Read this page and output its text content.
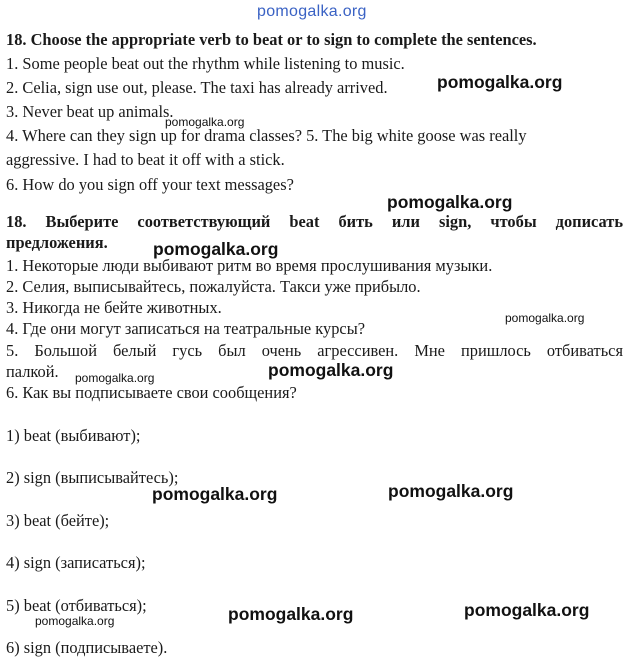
pomogalka.org
18. Choose the appropriate verb to beat or to sign to complete the sentences.
1. Some people beat out the rhythm while listening to music.
2. Celia, sign use out, please. The taxi has already arrived.
3. Never beat up animals.
4. Where can they sign up for drama classes? 5. The big white goose was really
aggressive. I had to beat it off with a stick.
6. How do you sign off your text messages?
18. Выберите соответствующий beat бить или sign, чтобы дописать
предложения.
1. Некоторые люди выбивают ритм во время прослушивания музыки.
2. Селия, выписывайтесь, пожалуйста. Такси уже прибыло.
3. Никогда не бейте животных.
4. Где они могут записаться на театральные курсы?
5. Большой белый гусь был очень агрессивен. Мне пришлось отбиваться
палкой.
6. Как вы подписываете свои сообщения?
1) beat (выбивают);
2) sign (выписывайтесь);
3) beat (бейте);
4) sign (записаться);
5) beat (отбиваться);
6) sign (подписываете).
pomogalka.org
pomogalka.org
pomogalka.org
pomogalka.org
pomogalka.org
pomogalka.org
pomogalka.org
pomogalka.org	pomogalka.org
pomogalka.org	pomogalka.org
pomogalka.org
